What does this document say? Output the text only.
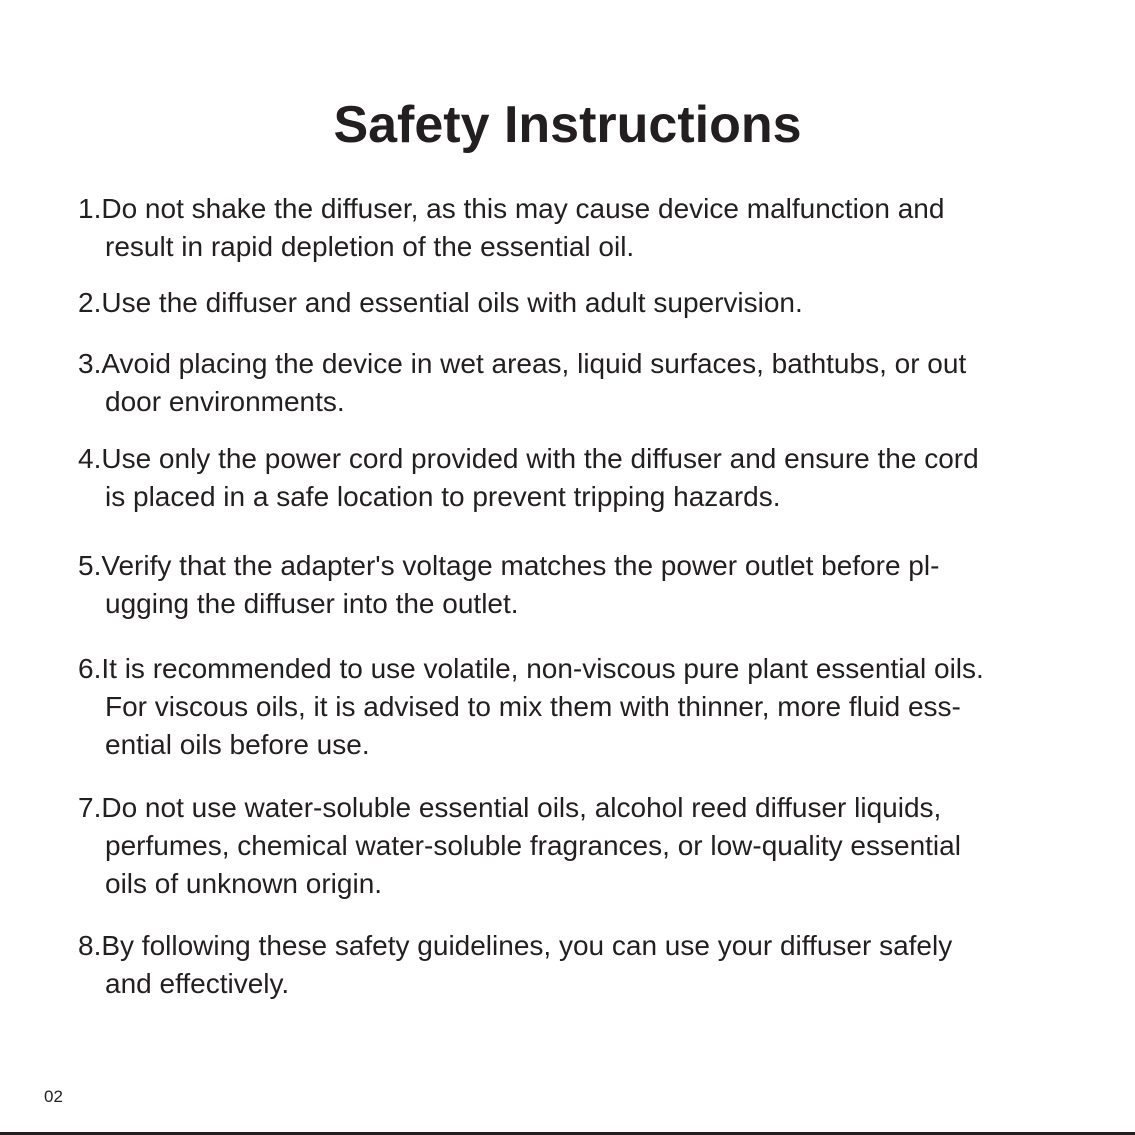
Safety Instructions
1.Do not shake the diffuser, as this may cause device malfunction and
result in rapid depletion of the essential oil.
2.Use the diffuser and essential oils with adult supervision.
3.Avoid placing the device in wet areas, liquid surfaces, bathtubs, or out
door environments.
4.Use only the power cord provided with the diffuser and ensure the cord
is placed in a safe location to prevent tripping hazards.
5.Verify that the adapter's voltage matches the power outlet before pl-
ugging the diffuser into the outlet.
6.It is recommended to use volatile, non-viscous pure plant essential oils.
For viscous oils, it is advised to mix them with thinner, more fluid ess-
ential oils before use.
7.Do not use water-soluble essential oils, alcohol reed diffuser liquids,
perfumes, chemical water-soluble fragrances, or low-quality essential
oils of unknown origin.
8.By following these safety guidelines, you can use your diffuser safely
and effectively.
02
